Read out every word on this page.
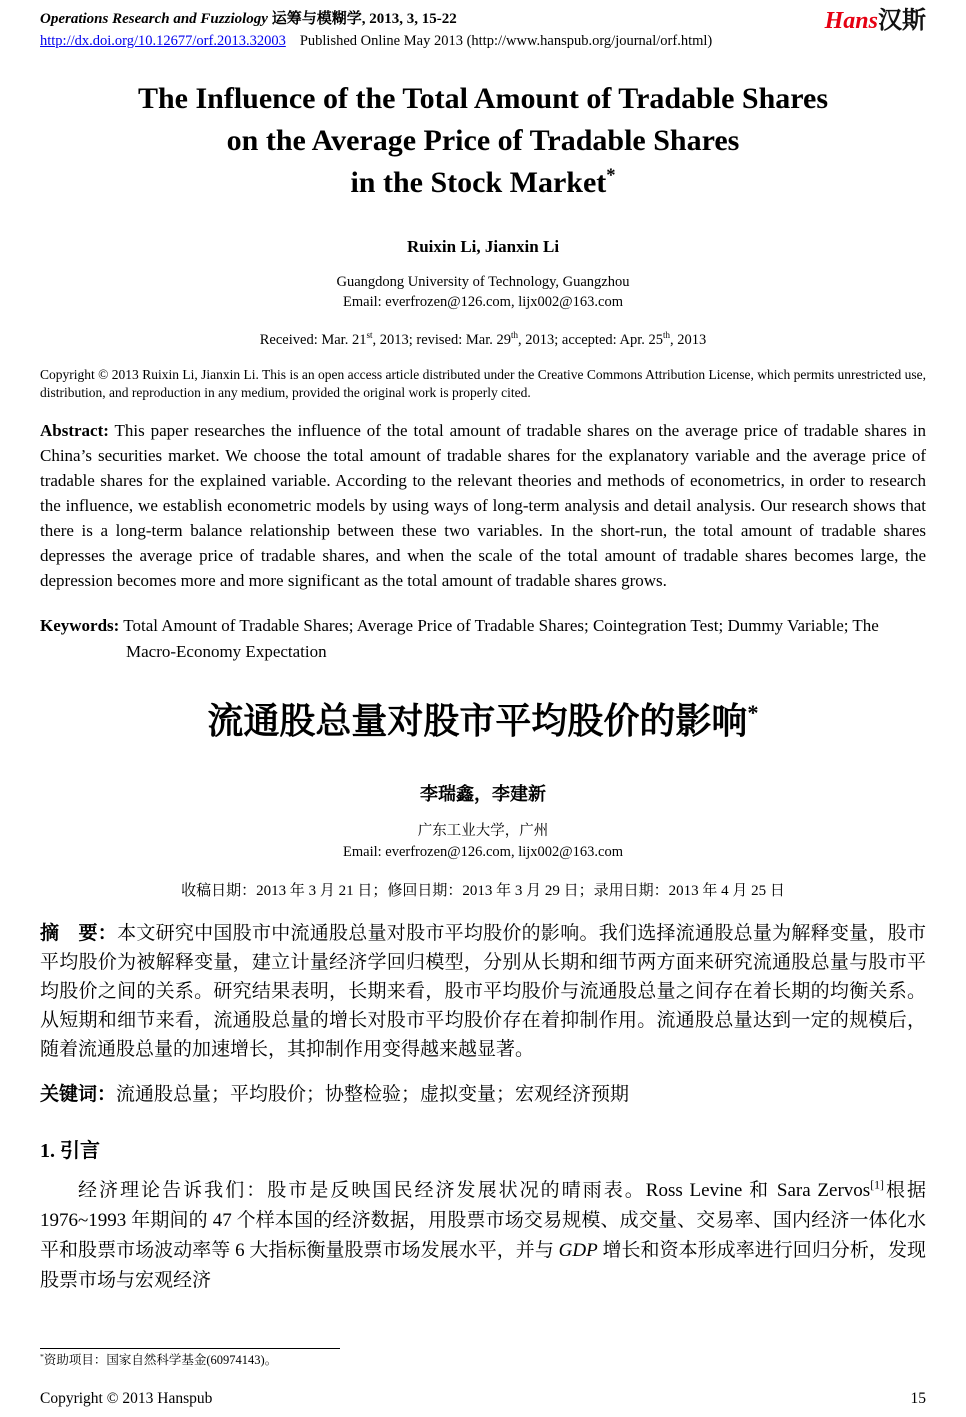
Operations Research and Fuzziology 运筹与模糊学, 2013, 3, 15-22
http://dx.doi.org/10.12677/orf.2013.32003 Published Online May 2013 (http://www.hanspub.org/journal/orf.html)
Hans汉斯
The Influence of the Total Amount of Tradable Shares
on the Average Price of Tradable Shares
in the Stock Market*
Ruixin Li, Jianxin Li
Guangdong University of Technology, Guangzhou
Email: everfrozen@126.com, lijx002@163.com
Received: Mar. 21st, 2013; revised: Mar. 29th, 2013; accepted: Apr. 25th, 2013

Copyright © 2013 Ruixin Li, Jianxin Li. This is an open access article distributed under the Creative Commons Attribution License, which permits unrestricted use, distribution, and reproduction in any medium, provided the original work is properly cited.

Abstract: This paper researches the influence of the total amount of tradable shares on the average price of tradable shares in China’s securities market. We choose the total amount of tradable shares for the explanatory variable and the average price of tradable shares for the explained variable. According to the relevant theories and methods of econometrics, in order to research the influence, we establish econometric models by using ways of long-term analysis and detail analysis. Our research shows that there is a long-term balance relationship between these two variables. In the short-run, the total amount of tradable shares depresses the average price of tradable shares, and when the scale of the total amount of tradable shares becomes large, the depression becomes more and more significant as the total amount of tradable shares grows.

Keywords: Total Amount of Tradable Shares; Average Price of Tradable Shares; Cointegration Test; Dummy Variable; The Macro-Economy Expectation

流通股总量对股市平均股价的影响*
李瑞鑫，李建新
广东工业大学，广州
Email: everfrozen@126.com, lijx002@163.com
收稿日期：2013 年 3 月 21 日；修回日期：2013 年 3 月 29 日；录用日期：2013 年 4 月 25 日

摘　要：本文研究中国股市中流通股总量对股市平均股价的影响。我们选择流通股总量为解释变量，股市平均股价为被解释变量，建立计量经济学回归模型，分别从长期和细节两方面来研究流通股总量与股市平均股价之间的关系。研究结果表明，长期来看，股市平均股价与流通股总量之间存在着长期的均衡关系。从短期和细节来看，流通股总量的增长对股市平均股价存在着抑制作用。流通股总量达到一定的规模后，随着流通股总量的加速增长，其抑制作用变得越来越显著。

关键词：流通股总量；平均股价；协整检验；虚拟变量；宏观经济预期

1. 引言

经济理论告诉我们：股市是反映国民经济发展状况的晴雨表。Ross Levine 和 Sara Zervos[1]根据 1976~1993 年期间的 47 个样本国的经济数据，用股票市场交易规模、成交量、交易率、国内经济一体化水平和股票市场波动率等 6 大指标衡量股票市场发展水平，并与 GDP 增长和资本形成率进行回归分析，发现股票市场与宏观经济

*资助项目：国家自然科学基金(60974143)。
Copyright © 2013 Hanspub	15
